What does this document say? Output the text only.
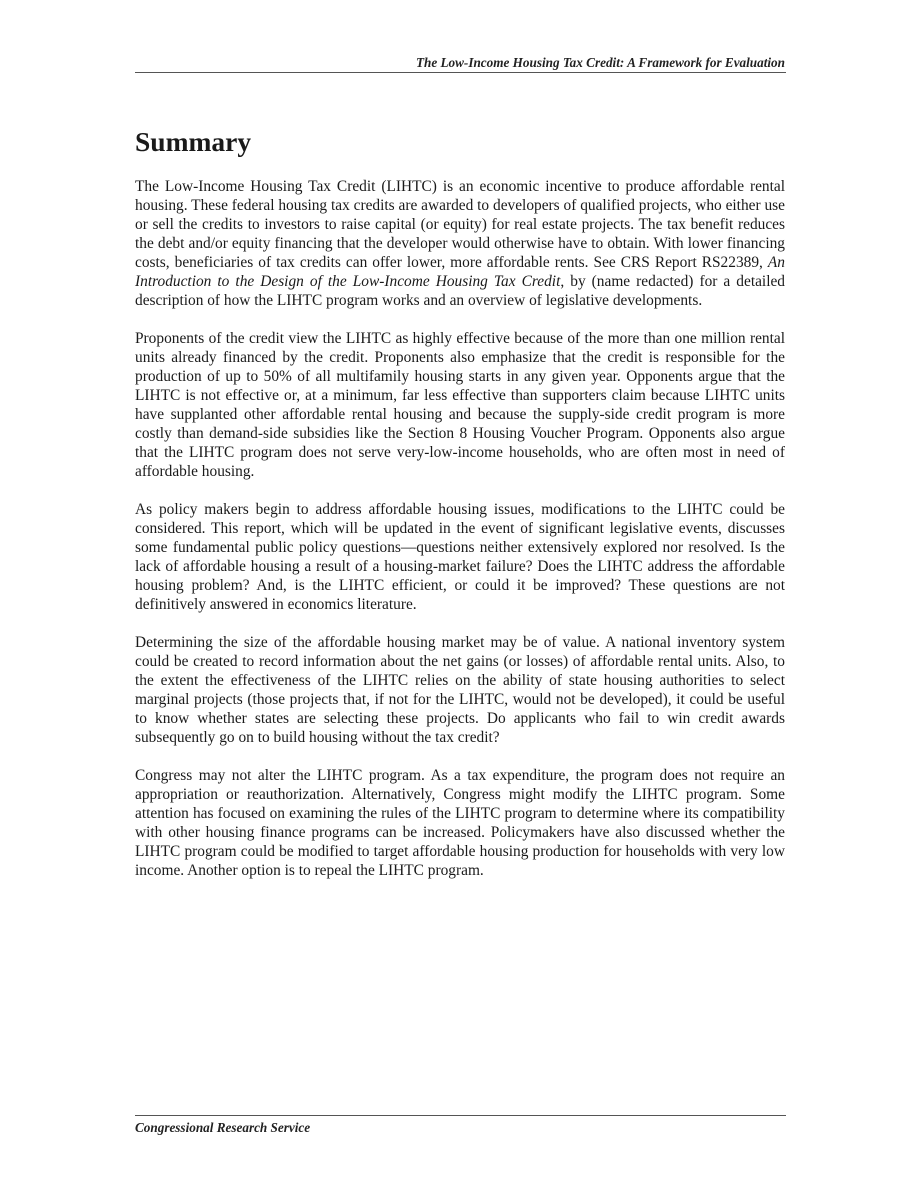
The Low-Income Housing Tax Credit: A Framework for Evaluation
Summary

The Low-Income Housing Tax Credit (LIHTC) is an economic incentive to produce affordable rental housing. These federal housing tax credits are awarded to developers of qualified projects, who either use or sell the credits to investors to raise capital (or equity) for real estate projects. The tax benefit reduces the debt and/or equity financing that the developer would otherwise have to obtain. With lower financing costs, beneficiaries of tax credits can offer lower, more affordable rents. See CRS Report RS22389, An Introduction to the Design of the Low-Income Housing Tax Credit, by (name redacted) for a detailed description of how the LIHTC program works and an overview of legislative developments.

Proponents of the credit view the LIHTC as highly effective because of the more than one million rental units already financed by the credit. Proponents also emphasize that the credit is responsible for the production of up to 50% of all multifamily housing starts in any given year. Opponents argue that the LIHTC is not effective or, at a minimum, far less effective than supporters claim because LIHTC units have supplanted other affordable rental housing and because the supply-side credit program is more costly than demand-side subsidies like the Section 8 Housing Voucher Program. Opponents also argue that the LIHTC program does not serve very-low-income households, who are often most in need of affordable housing.

As policy makers begin to address affordable housing issues, modifications to the LIHTC could be considered. This report, which will be updated in the event of significant legislative events, discusses some fundamental public policy questions—questions neither extensively explored nor resolved. Is the lack of affordable housing a result of a housing-market failure? Does the LIHTC address the affordable housing problem? And, is the LIHTC efficient, or could it be improved? These questions are not definitively answered in economics literature.

Determining the size of the affordable housing market may be of value. A national inventory system could be created to record information about the net gains (or losses) of affordable rental units. Also, to the extent the effectiveness of the LIHTC relies on the ability of state housing authorities to select marginal projects (those projects that, if not for the LIHTC, would not be developed), it could be useful to know whether states are selecting these projects. Do applicants who fail to win credit awards subsequently go on to build housing without the tax credit?

Congress may not alter the LIHTC program. As a tax expenditure, the program does not require an appropriation or reauthorization. Alternatively, Congress might modify the LIHTC program. Some attention has focused on examining the rules of the LIHTC program to determine where its compatibility with other housing finance programs can be increased. Policymakers have also discussed whether the LIHTC program could be modified to target affordable housing production for households with very low income. Another option is to repeal the LIHTC program.

Congressional Research Service
